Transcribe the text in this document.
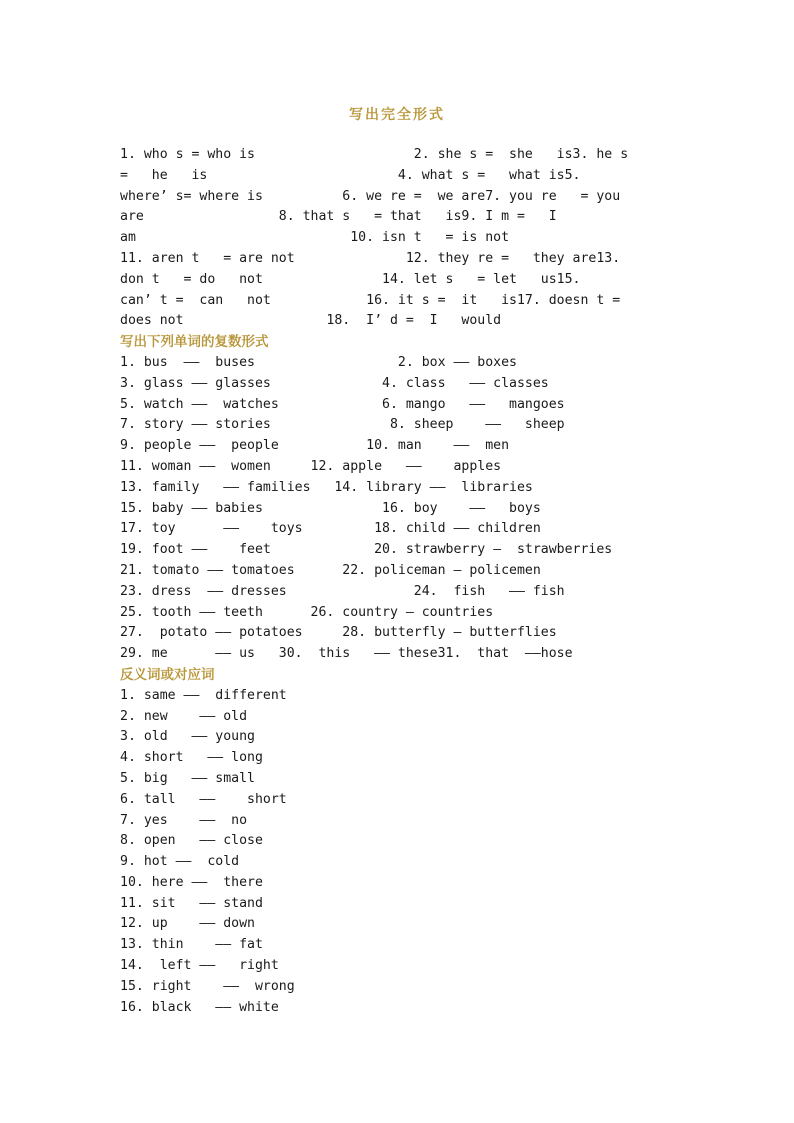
写出完全形式
1. who s = who is                    2. she s =  she   is3. he s
=   he   is                        4. what s =   what is5.
where’ s= where is          6. we re =  we are7. you re   = you
are                 8. that s   = that   is9. I m =   I
am                           10. isn t   = is not
11. aren t   = are not              12. they re =   they are13.
don t   = do   not               14. let s   = let   us15.
can’ t =  can   not            16. it s =  it   is17. doesn t =
does not                  18.  I’ d =  I   would
写出下列单词的复数形式
1. bus  ——  buses                  2. box —— boxes
3. glass —— glasses              4. class   —— classes
5. watch ——  watches             6. mango   ——   mangoes
7. story —— stories               8. sheep    ——   sheep
9. people ——  people           10. man    ——  men
11. woman ——  women     12. apple   ——    apples
13. family   —— families   14. library ——  libraries
15. baby —— babies               16. boy    ——   boys
17. toy      ——    toys         18. child —— children
19. foot ——    feet             20. strawberry —  strawberries
21. tomato —— tomatoes      22. policeman — policemen
23. dress  —— dresses                24.  fish   —— fish
25. tooth —— teeth      26. country — countries
27.  potato —— potatoes     28. butterfly — butterflies
29. me      —— us   30.  this   —— these31.  that  ——hose
反义词或对应词
1. same ——  different
2. new    —— old
3. old   —— young
4. short   —— long
5. big   —— small
6. tall   ——    short
7. yes    ——  no
8. open   —— close
9. hot ——  cold
10. here ——  there
11. sit   —— stand
12. up    —— down
13. thin    —— fat
14.  left ——   right
15. right    ——  wrong
16. black   —— white
